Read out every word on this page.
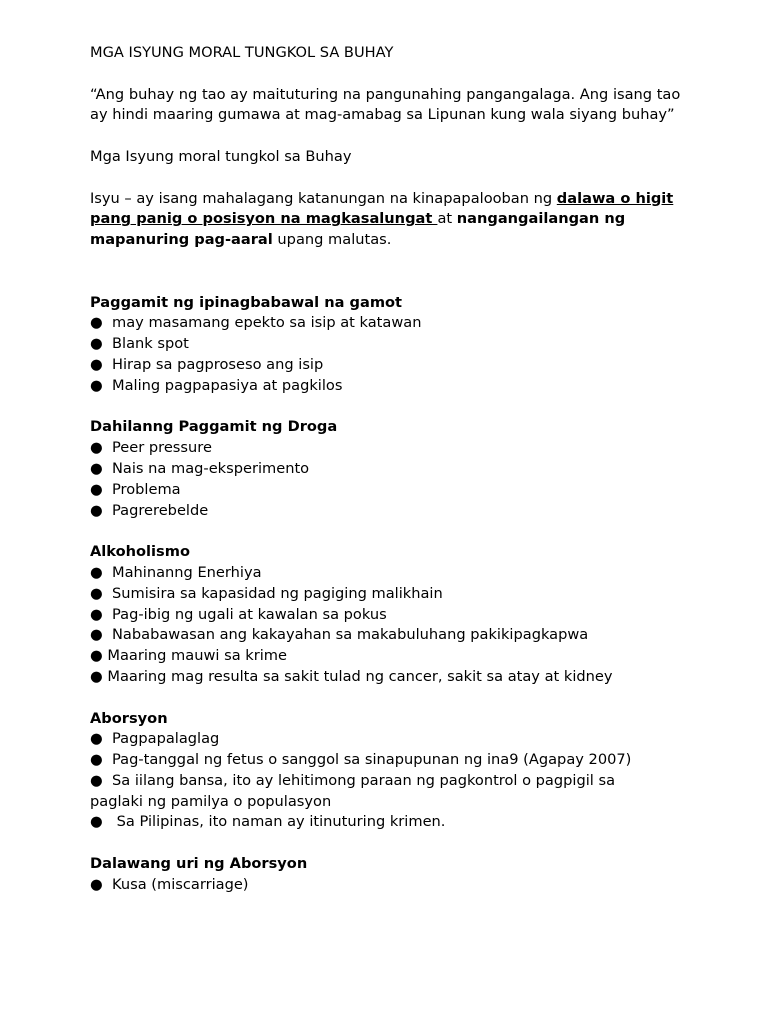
MGA ISYUNG MORAL TUNGKOL SA BUHAY

“Ang buhay ng tao ay maituturing na pangunahing pangangalaga. Ang isang tao ay hindi maaring gumawa at mag-amabag sa Lipunan kung wala siyang buhay”

Mga Isyung moral tungkol sa Buhay

Isyu – ay isang mahalagang katanungan na kinapapalooban ng dalawa o higit pang panig o posisyon na magkasalungat at nangangailangan ng mapanuring pag-aaral upang malutas.

Paggamit ng ipinagbabawal na gamot

●  may masamang epekto sa isip at katawan

●  Blank spot

●  Hirap sa pagproseso ang isip

●  Maling pagpapasiya at pagkilos

Dahilanng Paggamit ng Droga

●  Peer pressure

●  Nais na mag-eksperimento

●  Problema

●  Pagrerebelde

Alkoholismo

●  Mahinanng Enerhiya

●  Sumisira sa kapasidad ng pagiging malikhain

●  Pag-ibig ng ugali at kawalan sa pokus

●  Nababawasan ang kakayahan sa makabuluhang pakikipagkapwa

● Maaring mauwi sa krime

● Maaring mag resulta sa sakit tulad ng cancer, sakit sa atay at kidney

Aborsyon

●  Pagpapalaglag

●  Pag-tanggal ng fetus o sanggol sa sinapupunan ng ina9 (Agapay 2007)

●  Sa iilang bansa, ito ay lehitimong paraan ng pagkontrol o pagpigil sa

paglaki ng pamilya o populasyon

●   Sa Pilipinas, ito naman ay itinuturing krimen.

Dalawang uri ng Aborsyon

●  Kusa (miscarriage)
